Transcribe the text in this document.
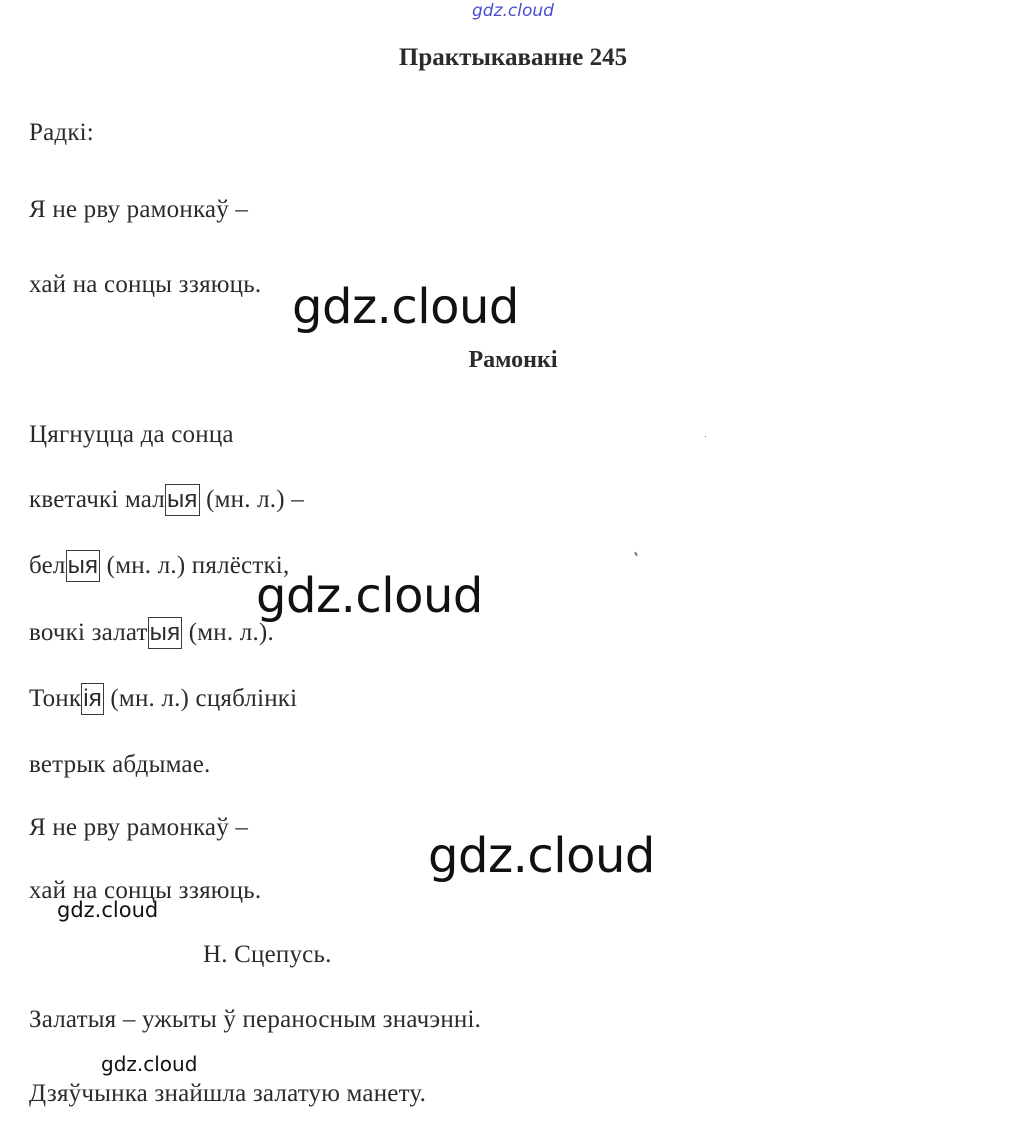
gdz.cloud
Практыкаванне 245
Радкі:
Я не рву рамонкаў –
хай на сонцы ззяюць.
Рамонкі
Цягнуцца да сонца
кветачкі малыя (мн. л.) –
белыя (мн. л.) пялёсткі,
вочкі залатыя (мн. л.).
Тонкія (мн. л.) сцяблінкі
ветрык абдымае.
Я не рву рамонкаў –
хай на сонцы ззяюць.
Н. Сцепусь.
Залатыя – ужыты ў пераносным значэнні.
Дзяўчынка знайшла залатую манету.
gdz.cloud
gdz.cloud
gdz.cloud
gdz.cloud
gdz.cloud
